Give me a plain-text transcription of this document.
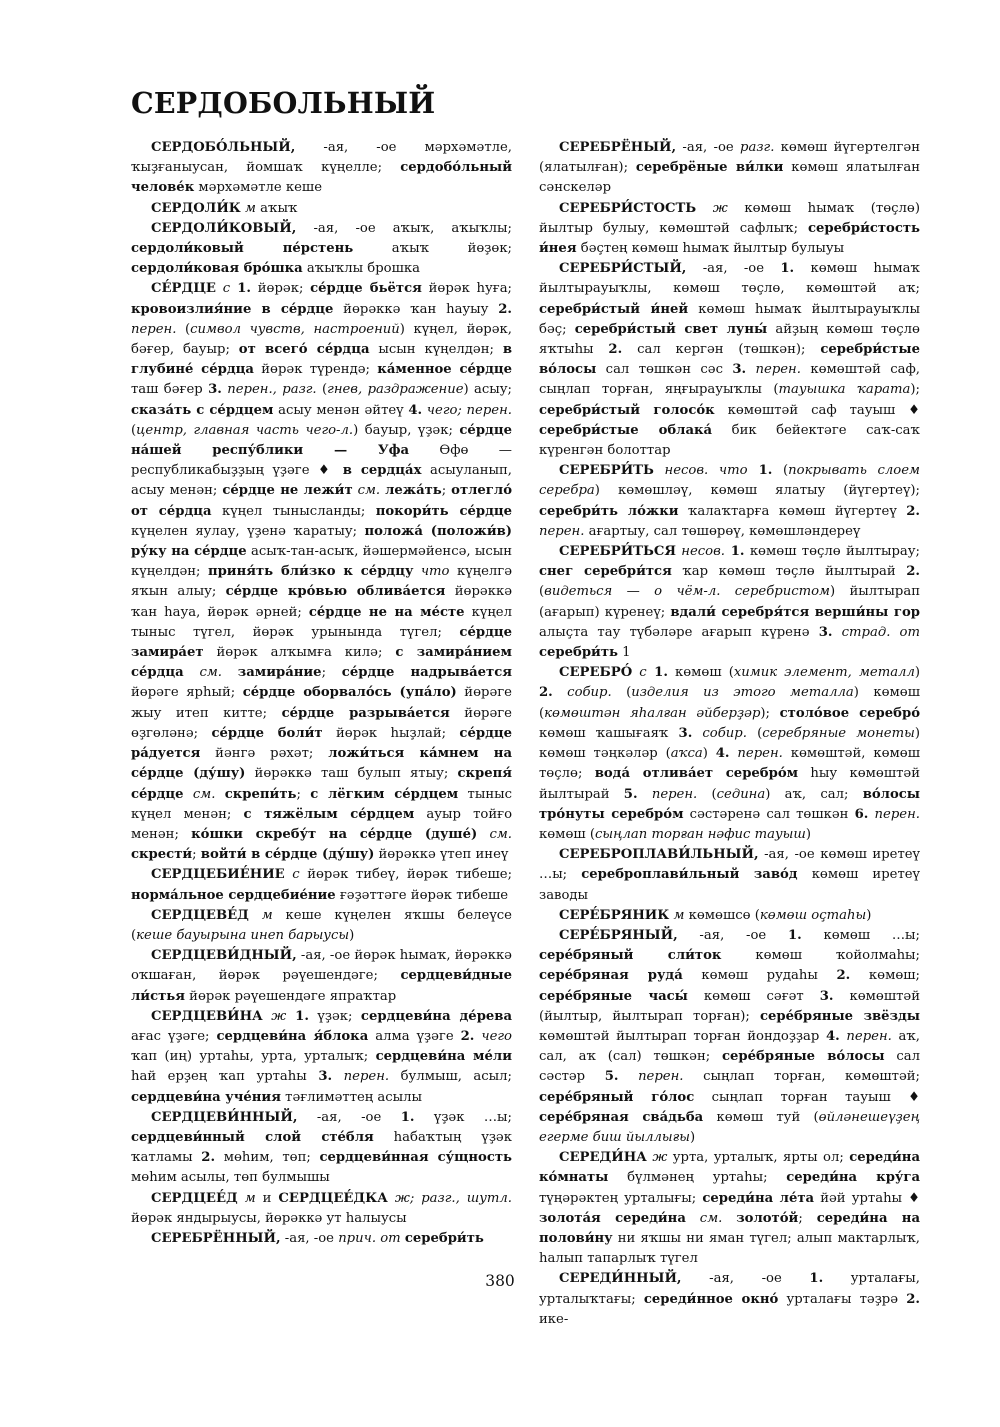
СЕРДОБОЛЬНЫЙ

СЕРДОБО́ЛЬНЫЙ, -ая, -ое мәрхәмәтле, ҡыҙғаныусан, йомшаҡ күңелле; сердобо́льный челове́к мәрхәмәтле кеше

СЕРДОЛИ́К м аҡыҡ

СЕРДОЛИ́КОВЫЙ, -ая, -ое аҡыҡ, аҡыҡлы; сердоли́ковый пе́рстень аҡыҡ йөҙөк; сердоли́ковая бро́шка аҡыҡлы брошка

СЕ́РДЦЕ с 1. йөрәк; се́рдце бьётся йөрәк һуға; кровоизлия́ние в се́рдце йөрәккә ҡан һауыу 2. перен. (символ чувств, настроений) күңел, йөрәк, бәғер, бауыр; от всего́ се́рдца ысын күңелдән; в глубине́ се́рдца йөрәк түрендә; ка́менное се́рдце таш бәғер 3. перен., разг. (гнев, раздражение) асыу; сказа́ть с се́рдцем асыу менән әйтеү 4. чего; перен. (центр, главная часть чего-л.) бауыр, үҙәк; се́рдце на́шей респу́блики — Уфа Өфө — республикабыҙҙың үҙәге ♦ в сердца́х асыуланып, асыу менән; се́рдце не лежи́т см. лежа́ть; отлегло́ от се́рдца күңел тынысланды; покори́ть се́рдце күңелен яулау, үҙенә ҡаратыу; положа́ (положи́в) ру́ку на се́рдце асыҡ-тан-асыҡ, йәшермәйенсә, ысын күңелдән; приня́ть бли́зко к се́рдцу что күңелгә яҡын алыу; се́рдце кро́вью облива́ется йөрәккә ҡан һауа, йөрәк әрней; се́рдце не на ме́сте күңел тыныс түгел, йөрәк урынында түгел; се́рдце замира́ет йөрәк алҡымға килә; с замира́нием се́рдца см. замира́ние; се́рдце надрыва́ется йөрәге ярһый; се́рдце оборвало́сь (упа́ло) йөрәге жыу итеп китте; се́рдце разрыва́ется йөрәге өҙгөләнә; се́рдце боли́т йөрәк һыҙлай; се́рдце ра́дуется йәнгә рәхәт; ложи́ться ка́мнем на се́рдце (ду́шу) йөрәккә таш булып ятыу; скрепя́ се́рдце см. скрепи́ть; с лёгким се́рдцем тыныс күңел менән; с тяжёлым се́рдцем ауыр тойғо менән; ко́шки скребу́т на се́рдце (душе́) см. скрести́; войти́ в се́рдце (ду́шу) йөрәккә үтеп инеү

СЕРДЦЕБИЕ́НИЕ с йөрәк тибеү, йөрәк тибеше; норма́льное сердцебие́ние ғәҙәттәге йөрәк тибеше

СЕРДЦЕВЕ́Д м кеше күңелен яҡшы белеүсе (кеше бауырына инеп барыусы)

СЕРДЦЕВИ́ДНЫЙ, -ая, -ое йөрәк һымаҡ, йөрәккә оҡшаған, йөрәк рәүешендәге; сердцеви́дные ли́стья йөрәк рәүешендәге япраҡтар

СЕРДЦЕВИ́НА ж 1. үҙәк; сердцеви́на де́рева ағас үҙәге; сердцеви́на я́блока алма үҙәге 2. чего ҡап (иң) уртаһы, урта, урталыҡ; сердцеви́на ме́ли һай ерҙең ҡап уртаһы 3. перен. булмыш, асыл; сердцеви́на уче́ния тәғлимәттең асылы

СЕРДЦЕВИ́ННЫЙ, -ая, -ое 1. үҙәк …ы; сердцеви́нный слой сте́бля һабаҡтың үҙәк ҡатламы 2. мөһим, төп; сердцеви́нная су́щность мөһим асылы, төп булмышы

СЕРДЦЕЕ́Д м и СЕРДЦЕЕ́ДКА ж; разг., шутл. йөрәк яндырыусы, йөрәккә ут һалыусы

СЕРЕБРЁННЫЙ, -ая, -ое прич. от серебри́ть

СЕРЕБРЁНЫЙ, -ая, -ое разг. көмөш йүгертелгән (ялатылған); серебрёные ви́лки көмөш ялатылған сәнскеләр

СЕРЕБРИ́СТОСТЬ ж көмөш һымаҡ (төҫлө) йылтыр булыу, көмөштәй сафлыҡ; серебри́стость и́нея бәҫтең көмөш һымаҡ йылтыр булыуы

СЕРЕБРИ́СТЫЙ, -ая, -ое 1. көмөш һымаҡ йылтырауыҡлы, көмөш төҫлө, көмөштәй аҡ; серебри́стый и́ней көмөш һымаҡ йылтырауыҡлы бәҫ; серебри́стый свет луны́ айҙың көмөш төҫлө яҡтыһы 2. сал кергән (төшкән); серебри́стые во́лосы сал төшкән сәс 3. перен. көмөштәй саф, сыңлап торған, яңғырауыҡлы (тауышка ҡарата); серебри́стый голосо́к көмөштәй саф тауыш ♦ серебри́стые облака́ бик бейектәге саҡ-саҡ күренгән болоттар

СЕРЕБРИ́ТЬ несов. что 1. (покрывать слоем серебра) көмөшләү, көмөш ялатыу (йүгертеү); серебри́ть ло́жки ҡалаҡтарға көмөш йүгертеү 2. перен. ағартыу, сал төшөрөү, көмөшләндереү

СЕРЕБРИ́ТЬСЯ несов. 1. көмөш төҫлө йылтырау; снег серебри́тся ҡар көмөш төҫлө йылтырай 2. (видеться — о чём-л. серебристом) йылтырап (ағарып) күренеү; вдали́ серебря́тся верши́ны гор алыҫта тау түбәләре ағарып күренә 3. страд. от серебри́ть 1

СЕРЕБРО́ с 1. көмөш (химик элемент, металл) 2. собир. (изделия из этого металла) көмөш (көмөштән яһалған әйберҙәр); столо́вое серебро́ көмөш ҡашығаяҡ 3. собир. (серебряные монеты) көмөш тәңкәләр (аҡса) 4. перен. көмөштәй, көмөш төҫлө; вода́ отлива́ет серебро́м һыу көмөштәй йылтырай 5. перен. (седина) аҡ, сал; во́лосы тро́нуты серебро́м сәстәренә сал төшкән 6. перен. көмөш (сыңлап торған нәфис тауыш)

СЕРЕБРОПЛАВИ́ЛЬНЫЙ, -ая, -ое көмөш иретеү …ы; сереброплави́льный заво́д көмөш иретеү заводы

СЕРЕ́БРЯНИК м көмөшсө (көмөш оҫтаһы)

СЕРЕ́БРЯНЫЙ, -ая, -ое 1. көмөш …ы; сере́бряный сли́ток көмөш ҡойолмаһы; сере́бряная руда́ көмөш рудаһы 2. көмөш; сере́бряные часы́ көмөш сәғәт 3. көмөштәй (йылтыр, йылтырап торған); сере́бряные звёзды көмөштәй йылтырап торған йондоҙҙар 4. перен. аҡ, сал, аҡ (сал) төшкән; сере́бряные во́лосы сал сәстәр 5. перен. сыңлап торған, көмөштәй; сере́бряный го́лос сыңлап торған тауыш ♦ сере́бряная сва́дьба көмөш туй (өйләнешеүҙең егерме биш йыллығы)

СЕРЕДИ́НА ж урта, урталыҡ, ярты ол; середи́на ко́мнаты бүлмәнең уртаһы; середи́на кру́га түңәрәктең урталығы; середи́на ле́та йәй уртаһы ♦ золота́я середи́на см. золото́й; середи́на на полови́ну ни яҡшы ни яман түгел; алып мактарлыҡ, һалып тапарлыҡ түгел

СЕРЕДИ́ННЫЙ, -ая, -ое 1. урталағы, урталыҡтағы; середи́нное окно́ урталағы тәҙрә 2. ике-

380
